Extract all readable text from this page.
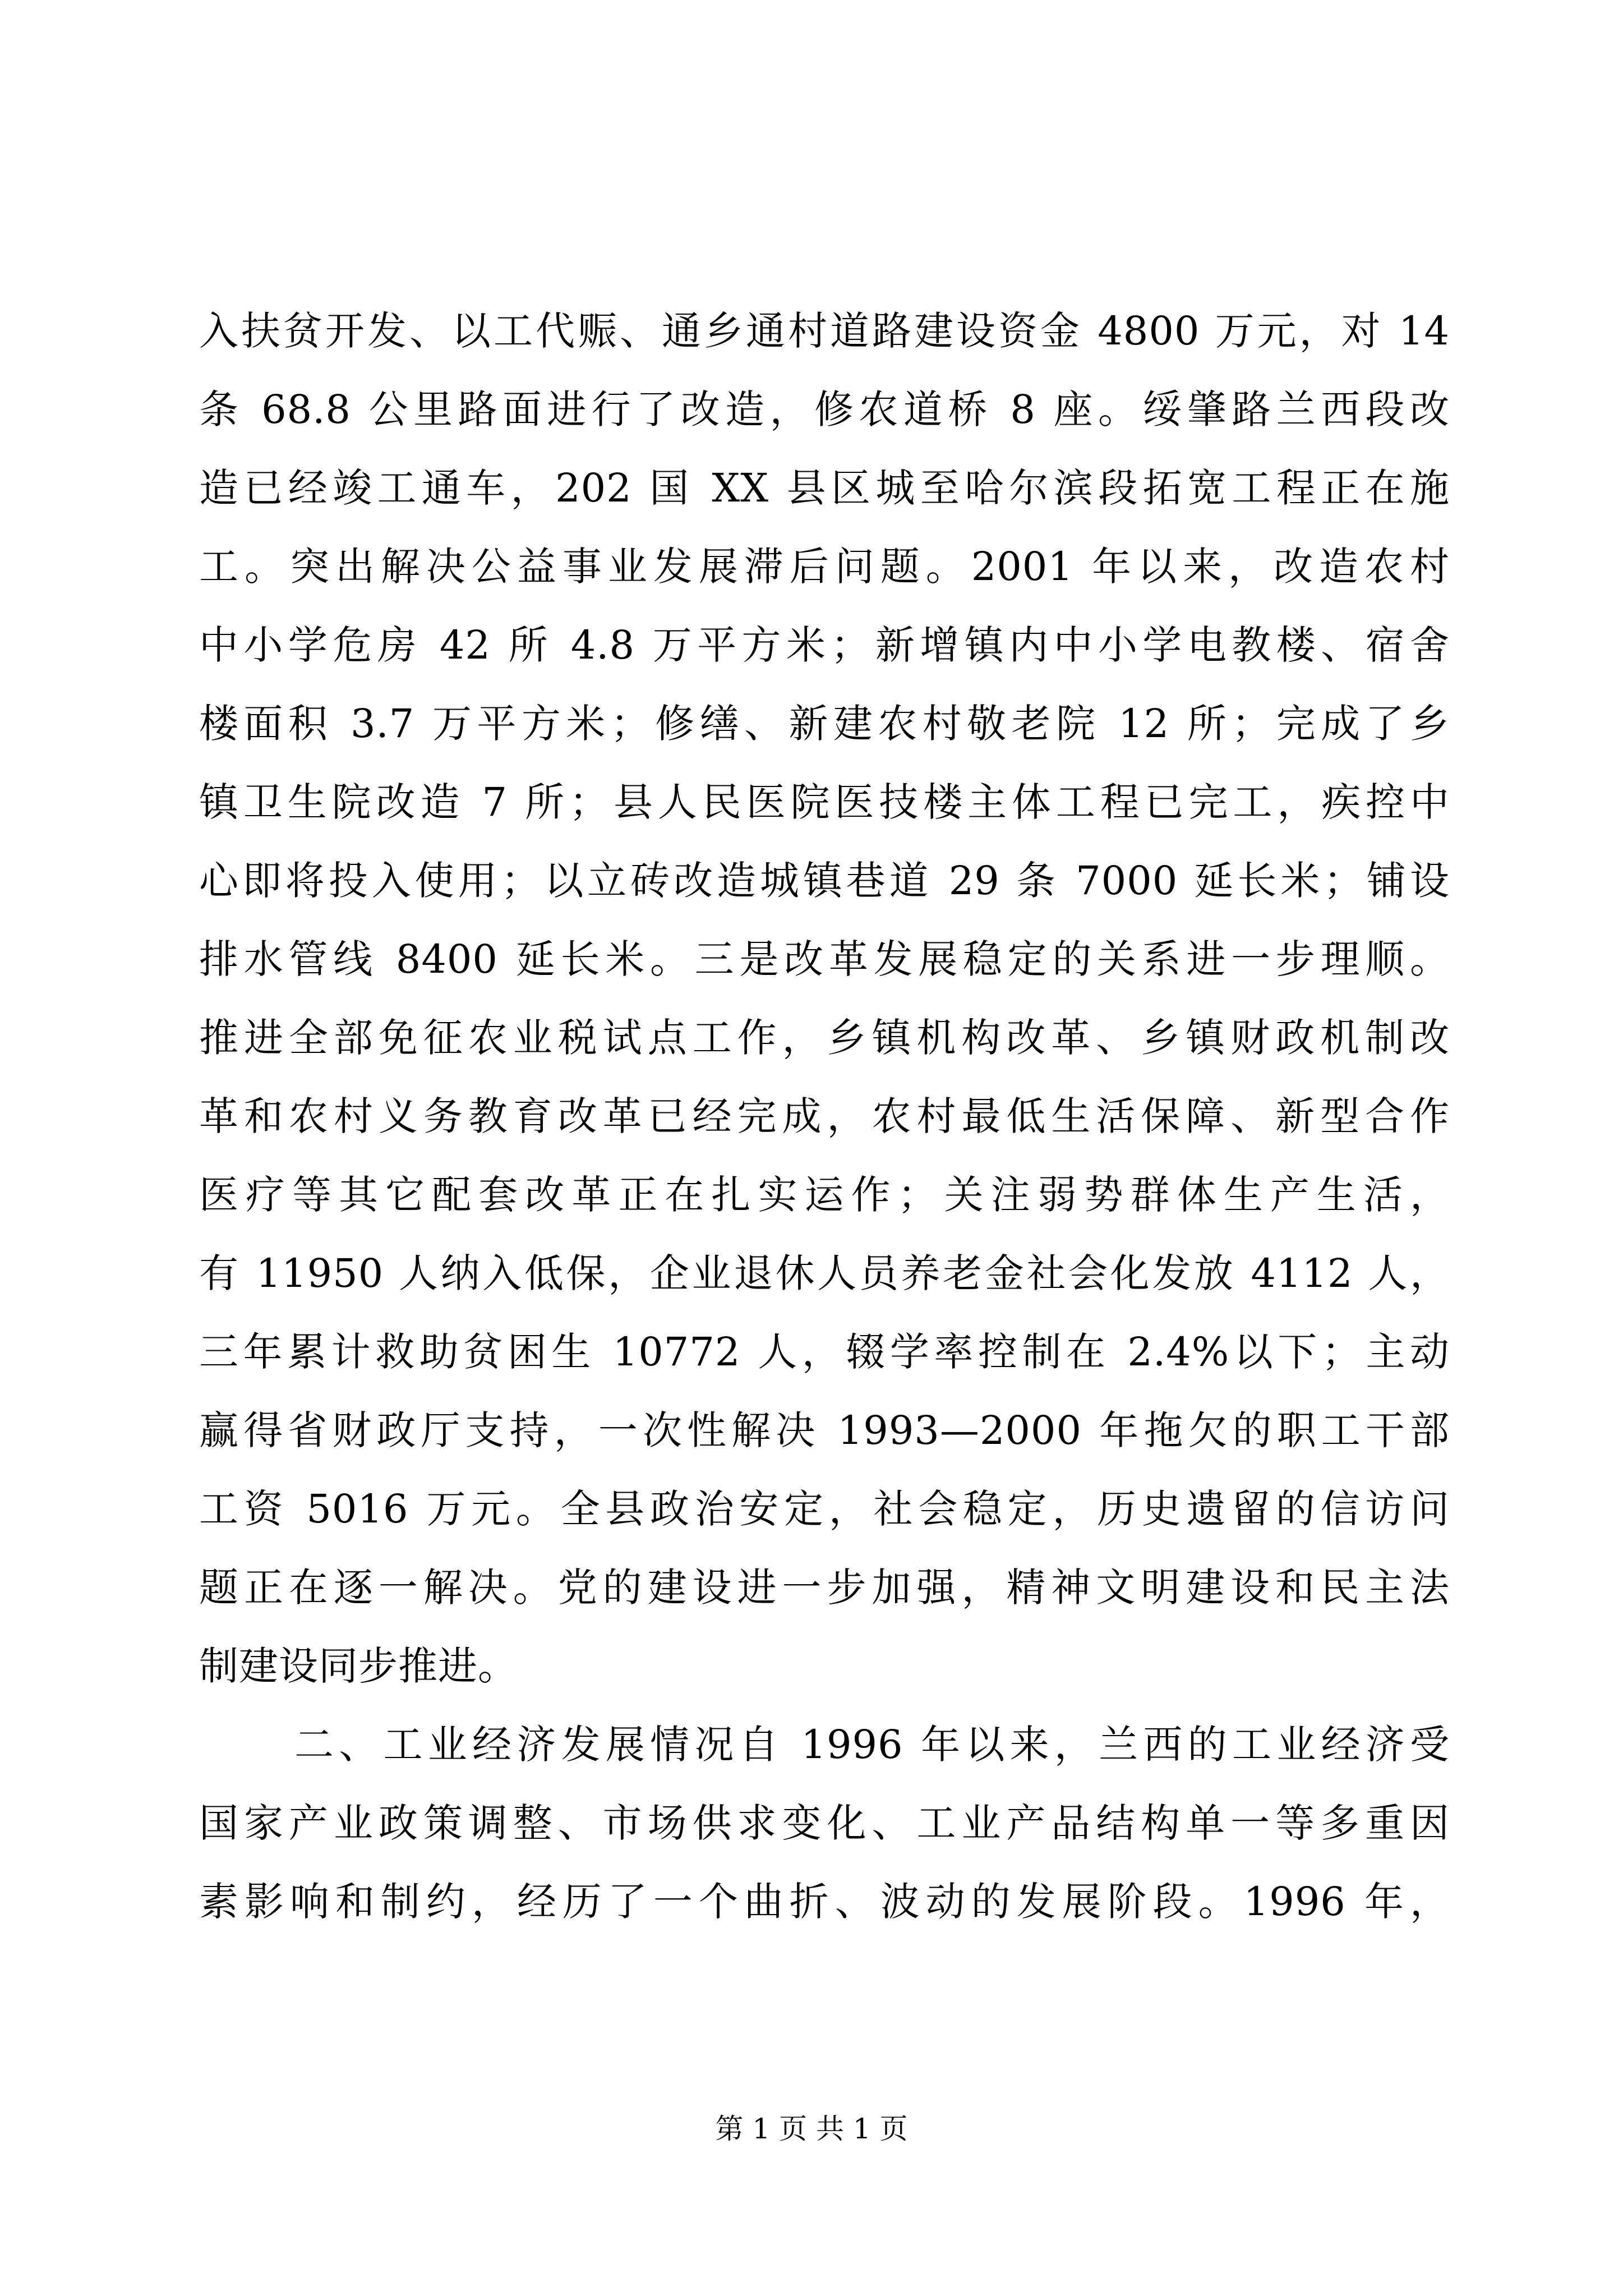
入扶贫开发、以工代赈、通乡通村道路建设资金 4800 万元，对 14
条 68.8 公里路面进行了改造，修农道桥 8 座。绥肇路兰西段改
造已经竣工通车，202 国 XX 县区城至哈尔滨段拓宽工程正在施
工。突出解决公益事业发展滞后问题。2001 年以来，改造农村
中小学危房 42 所 4.8 万平方米；新增镇内中小学电教楼、宿舍
楼面积 3.7 万平方米；修缮、新建农村敬老院 12 所；完成了乡
镇卫生院改造 7 所；县人民医院医技楼主体工程已完工，疾控中
心即将投入使用；以立砖改造城镇巷道 29 条 7000 延长米；铺设
排水管线 8400 延长米。三是改革发展稳定的关系进一步理顺。
推进全部免征农业税试点工作，乡镇机构改革、乡镇财政机制改
革和农村义务教育改革已经完成，农村最低生活保障、新型合作
医疗等其它配套改革正在扎实运作；关注弱势群体生产生活，
有 11950 人纳入低保，企业退休人员养老金社会化发放 4112 人，
三年累计救助贫困生 10772 人，辍学率控制在 2.4%以下；主动
赢得省财政厅支持，一次性解决 1993—2000 年拖欠的职工干部
工资 5016 万元。全县政治安定，社会稳定，历史遗留的信访问
题正在逐一解决。党的建设进一步加强，精神文明建设和民主法
制建设同步推进。
二、工业经济发展情况自 1996 年以来，兰西的工业经济受
国家产业政策调整、市场供求变化、工业产品结构单一等多重因
素影响和制约，经历了一个曲折、波动的发展阶段。1996 年，
第 1 页 共 1 页
